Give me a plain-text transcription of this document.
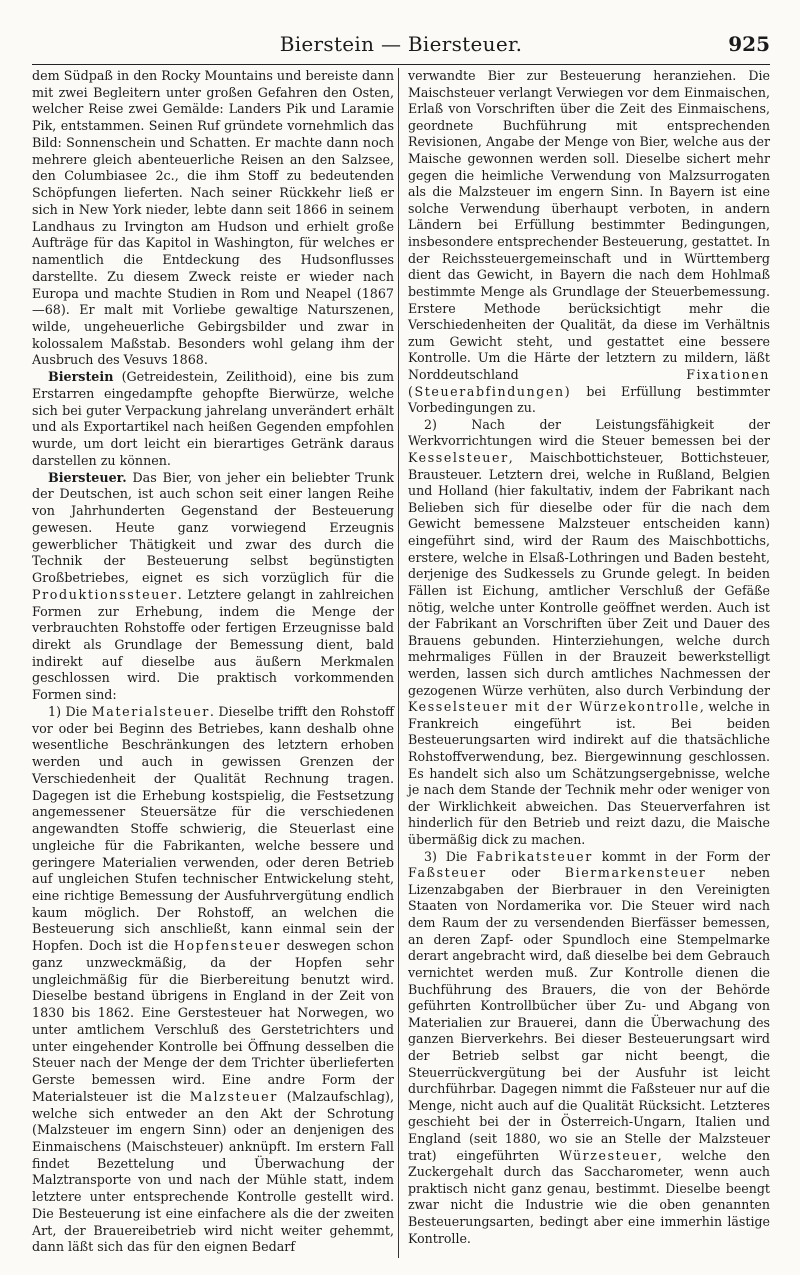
Bierstein — Biersteuer.	925

dem Südpaß in den Rocky Mountains und bereiste dann mit zwei Begleitern unter großen Gefahren den Osten, welcher Reise zwei Gemälde: Landers Pik und Laramie Pik, entstammen. Seinen Ruf gründete vornehmlich das Bild: Sonnenschein und Schatten. Er machte dann noch mehrere gleich abenteuerliche Reisen an den Salzsee, den Columbiasee 2c., die ihm Stoff zu bedeutenden Schöpfungen lieferten. Nach seiner Rückkehr ließ er sich in New York nieder, lebte dann seit 1866 in seinem Landhaus zu Irvington am Hudson und erhielt große Aufträge für das Kapitol in Washington, für welches er namentlich die Entdeckung des Hudsonflusses darstellte. Zu diesem Zweck reiste er wieder nach Europa und machte Studien in Rom und Neapel (1867—68). Er malt mit Vorliebe gewaltige Naturszenen, wilde, ungeheuerliche Gebirgsbilder und zwar in kolossalem Maßstab. Besonders wohl gelang ihm der Ausbruch des Vesuvs 1868.

Bierstein (Getreidestein, Zeilithoid), eine bis zum Erstarren eingedampfte gehopfte Bierwürze, welche sich bei guter Verpackung jahrelang unverändert erhält und als Exportartikel nach heißen Gegenden empfohlen wurde, um dort leicht ein bierartiges Getränk daraus darstellen zu können.

Biersteuer. Das Bier, von jeher ein beliebter Trunk der Deutschen, ist auch schon seit einer langen Reihe von Jahrhunderten Gegenstand der Besteuerung gewesen. Heute ganz vorwiegend Erzeugnis gewerblicher Thätigkeit und zwar des durch die Technik der Besteuerung selbst begünstigten Großbetriebes, eignet es sich vorzüglich für die Produktionssteuer. Letztere gelangt in zahlreichen Formen zur Erhebung, indem die Menge der verbrauchten Rohstoffe oder fertigen Erzeugnisse bald direkt als Grundlage der Bemessung dient, bald indirekt auf dieselbe aus äußern Merkmalen geschlossen wird. Die praktisch vorkommenden Formen sind:

1) Die Materialsteuer. Dieselbe trifft den Rohstoff vor oder bei Beginn des Betriebes, kann deshalb ohne wesentliche Beschränkungen des letztern erhoben werden und auch in gewissen Grenzen der Verschiedenheit der Qualität Rechnung tragen. Dagegen ist die Erhebung kostspielig, die Festsetzung angemessener Steuersätze für die verschiedenen angewandten Stoffe schwierig, die Steuerlast eine ungleiche für die Fabrikanten, welche bessere und geringere Materialien verwenden, oder deren Betrieb auf ungleichen Stufen technischer Entwickelung steht, eine richtige Bemessung der Ausfuhrvergütung endlich kaum möglich. Der Rohstoff, an welchen die Besteuerung sich anschließt, kann einmal sein der Hopfen. Doch ist die Hopfensteuer deswegen schon ganz unzweckmäßig, da der Hopfen sehr ungleichmäßig für die Bierbereitung benutzt wird. Dieselbe bestand übrigens in England in der Zeit von 1830 bis 1862. Eine Gerstesteuer hat Norwegen, wo unter amtlichem Verschluß des Gerstetrichters und unter eingehender Kontrolle bei Öffnung desselben die Steuer nach der Menge der dem Trichter überlieferten Gerste bemessen wird. Eine andre Form der Materialsteuer ist die Malzsteuer (Malzaufschlag), welche sich entweder an den Akt der Schrotung (Malzsteuer im engern Sinn) oder an denjenigen des Einmaischens (Maischsteuer) anknüpft. Im erstern Fall findet Bezettelung und Überwachung der Malztransporte von und nach der Mühle statt, indem letztere unter entsprechende Kontrolle gestellt wird. Die Besteuerung ist eine einfachere als die der zweiten Art, der Brauereibetrieb wird nicht weiter gehemmt, dann läßt sich das für den eignen Bedarf

verwandte Bier zur Besteuerung heranziehen. Die Maischsteuer verlangt Verwiegen vor dem Einmaischen, Erlaß von Vorschriften über die Zeit des Einmaischens, geordnete Buchführung mit entsprechenden Revisionen, Angabe der Menge von Bier, welche aus der Maische gewonnen werden soll. Dieselbe sichert mehr gegen die heimliche Verwendung von Malzsurrogaten als die Malzsteuer im engern Sinn. In Bayern ist eine solche Verwendung überhaupt verboten, in andern Ländern bei Erfüllung bestimmter Bedingungen, insbesondere entsprechender Besteuerung, gestattet. In der Reichssteuergemeinschaft und in Württemberg dient das Gewicht, in Bayern die nach dem Hohlmaß bestimmte Menge als Grundlage der Steuerbemessung. Erstere Methode berücksichtigt mehr die Verschiedenheiten der Qualität, da diese im Verhältnis zum Gewicht steht, und gestattet eine bessere Kontrolle. Um die Härte der letztern zu mildern, läßt Norddeutschland Fixationen (Steuerabfindungen) bei Erfüllung bestimmter Vorbedingungen zu.

2) Nach der Leistungsfähigkeit der Werkvorrichtungen wird die Steuer bemessen bei der Kesselsteuer, Maischbottichsteuer, Bottichsteuer, Brausteuer. Letztern drei, welche in Rußland, Belgien und Holland (hier fakultativ, indem der Fabrikant nach Belieben sich für dieselbe oder für die nach dem Gewicht bemessene Malzsteuer entscheiden kann) eingeführt sind, wird der Raum des Maischbottichs, erstere, welche in Elsaß-Lothringen und Baden besteht, derjenige des Sudkessels zu Grunde gelegt. In beiden Fällen ist Eichung, amtlicher Verschluß der Gefäße nötig, welche unter Kontrolle geöffnet werden. Auch ist der Fabrikant an Vorschriften über Zeit und Dauer des Brauens gebunden. Hinterziehungen, welche durch mehrmaliges Füllen in der Brauzeit bewerkstelligt werden, lassen sich durch amtliches Nachmessen der gezogenen Würze verhüten, also durch Verbindung der Kesselsteuer mit der Würzekontrolle, welche in Frankreich eingeführt ist. Bei beiden Besteuerungsarten wird indirekt auf die thatsächliche Rohstoffverwendung, bez. Biergewinnung geschlossen. Es handelt sich also um Schätzungsergebnisse, welche je nach dem Stande der Technik mehr oder weniger von der Wirklichkeit abweichen. Das Steuerverfahren ist hinderlich für den Betrieb und reizt dazu, die Maische übermäßig dick zu machen.

3) Die Fabrikatsteuer kommt in der Form der Faßsteuer oder Biermarkensteuer neben Lizenzabgaben der Bierbrauer in den Vereinigten Staaten von Nordamerika vor. Die Steuer wird nach dem Raum der zu versendenden Bierfässer bemessen, an deren Zapf- oder Spundloch eine Stempelmarke derart angebracht wird, daß dieselbe bei dem Gebrauch vernichtet werden muß. Zur Kontrolle dienen die Buchführung des Brauers, die von der Behörde geführten Kontrollbücher über Zu- und Abgang von Materialien zur Brauerei, dann die Überwachung des ganzen Bierverkehrs. Bei dieser Besteuerungsart wird der Betrieb selbst gar nicht beengt, die Steuerrückvergütung bei der Ausfuhr ist leicht durchführbar. Dagegen nimmt die Faßsteuer nur auf die Menge, nicht auch auf die Qualität Rücksicht. Letzteres geschieht bei der in Österreich-Ungarn, Italien und England (seit 1880, wo sie an Stelle der Malzsteuer trat) eingeführten Würzesteuer, welche den Zuckergehalt durch das Saccharometer, wenn auch praktisch nicht ganz genau, bestimmt. Dieselbe beengt zwar nicht die Industrie wie die oben genannten Besteuerungsarten, bedingt aber eine immerhin lästige Kontrolle.
